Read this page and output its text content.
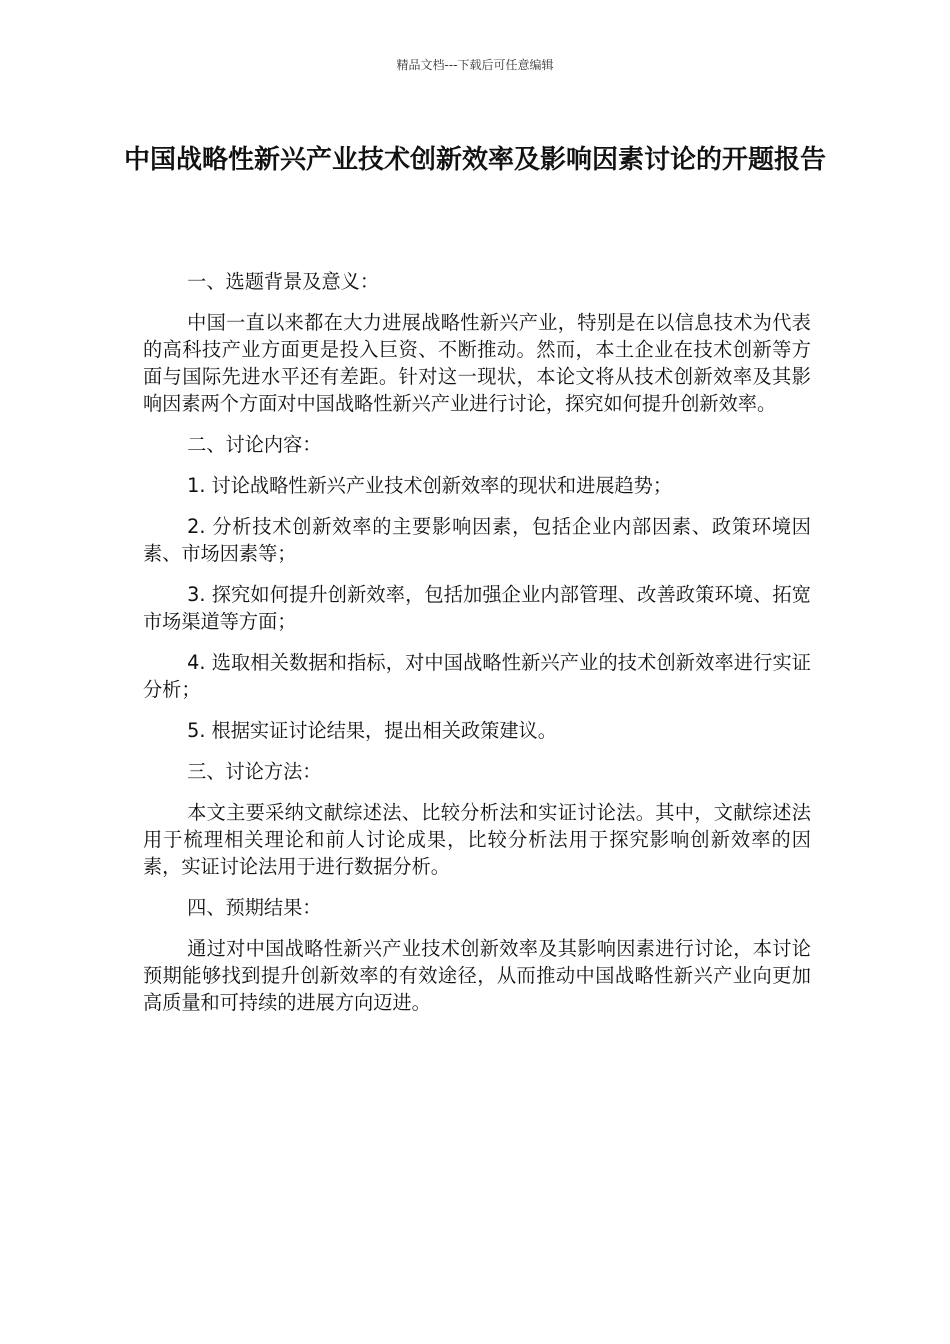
精品文档---下载后可任意编辑
中国战略性新兴产业技术创新效率及影响因素讨论的开题报告

一、选题背景及意义：

中国一直以来都在大力进展战略性新兴产业，特别是在以信息技术为代表的高科技产业方面更是投入巨资、不断推动。然而，本土企业在技术创新等方面与国际先进水平还有差距。针对这一现状，本论文将从技术创新效率及其影响因素两个方面对中国战略性新兴产业进行讨论，探究如何提升创新效率。

二、讨论内容：

1. 讨论战略性新兴产业技术创新效率的现状和进展趋势；

2. 分析技术创新效率的主要影响因素，包括企业内部因素、政策环境因素、市场因素等；

3. 探究如何提升创新效率，包括加强企业内部管理、改善政策环境、拓宽市场渠道等方面；

4. 选取相关数据和指标，对中国战略性新兴产业的技术创新效率进行实证分析；

5. 根据实证讨论结果，提出相关政策建议。

三、讨论方法：

本文主要采纳文献综述法、比较分析法和实证讨论法。其中，文献综述法用于梳理相关理论和前人讨论成果，比较分析法用于探究影响创新效率的因素，实证讨论法用于进行数据分析。

四、预期结果：

通过对中国战略性新兴产业技术创新效率及其影响因素进行讨论，本讨论预期能够找到提升创新效率的有效途径，从而推动中国战略性新兴产业向更加高质量和可持续的进展方向迈进。
